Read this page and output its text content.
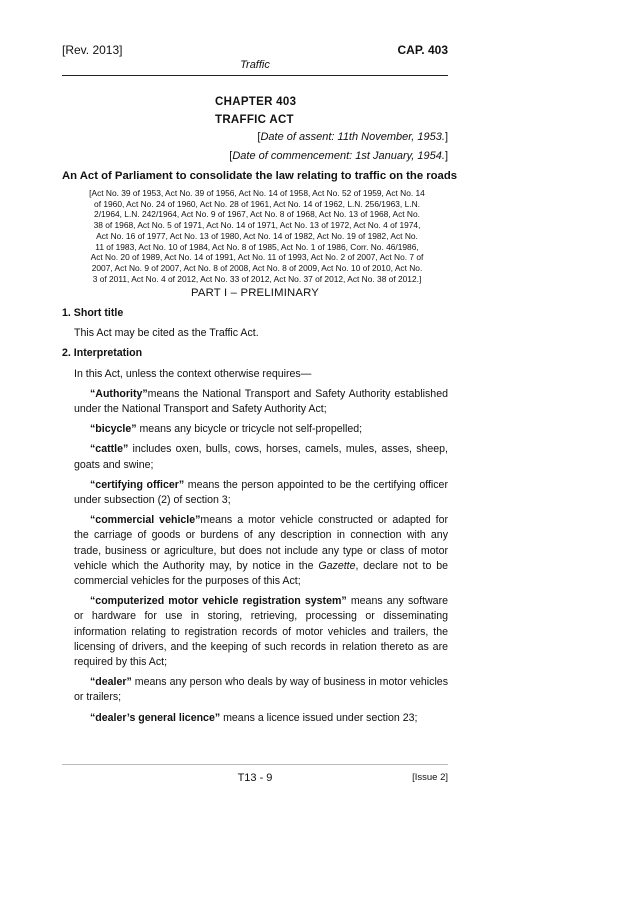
[Rev. 2013]	CAP. 403
Traffic
CHAPTER 403
TRAFFIC ACT
[Date of assent: 11th November, 1953.]
[Date of commencement: 1st January, 1954.]
An Act of Parliament to consolidate the law relating to traffic on the roads
[Act No. 39 of 1953, Act No. 39 of 1956, Act No. 14 of 1958, Act No. 52 of 1959, Act No. 14
of 1960, Act No. 24 of 1960, Act No. 28 of 1961, Act No. 14 of 1962, L.N. 256/1963, L.N.
2/1964, L.N. 242/1964, Act No. 9 of 1967, Act No. 8 of 1968, Act No. 13 of 1968, Act No.
38 of 1968, Act No. 5 of 1971, Act No. 14 of 1971, Act No. 13 of 1972, Act No. 4 of 1974,
Act No. 16 of 1977, Act No. 13 of 1980, Act No. 14 of 1982, Act No. 19 of 1982, Act No.
11 of 1983, Act No. 10 of 1984, Act No. 8 of 1985, Act No. 1 of 1986, Corr. No. 46/1986,
Act No. 20 of 1989, Act No. 14 of 1991, Act No. 11 of 1993, Act No. 2 of 2007, Act No. 7 of
2007, Act No. 9 of 2007, Act No. 8 of 2008, Act No. 8 of 2009, Act No. 10 of 2010, Act No.
3 of 2011, Act No. 4 of 2012, Act No. 33 of 2012, Act No. 37 of 2012, Act No. 38 of 2012.]
PART I – PRELIMINARY
1. Short title
This Act may be cited as the Traffic Act.
2. Interpretation
In this Act, unless the context otherwise requires—
“Authority”means the National Transport and Safety Authority established under the National Transport and Safety Authority Act;
“bicycle” means any bicycle or tricycle not self-propelled;
“cattle” includes oxen, bulls, cows, horses, camels, mules, asses, sheep, goats and swine;
“certifying officer” means the person appointed to be the certifying officer under subsection (2) of section 3;
“commercial vehicle”means a motor vehicle constructed or adapted for the carriage of goods or burdens of any description in connection with any trade, business or agriculture, but does not include any type or class of motor vehicle which the Authority may, by notice in the Gazette, declare not to be commercial vehicles for the purposes of this Act;
“computerized motor vehicle registration system” means any software or hardware for use in storing, retrieving, processing or disseminating information relating to registration records of motor vehicles and trailers, the licensing of drivers, and the keeping of such records in relation thereto as are required by this Act;
“dealer” means any person who deals by way of business in motor vehicles or trailers;
“dealer’s general licence” means a licence issued under section 23;
T13 - 9	[Issue 2]
